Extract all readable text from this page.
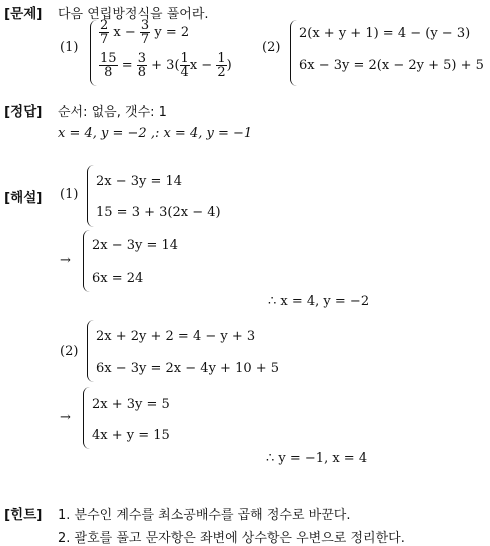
[문제] 다음 연립방정식을 풀어라.
(1)
$\frac{2}{7}$ $x - \frac{3}{7}$ y = 2
$\frac{15}{8} = \frac{3}{8} + 3( \frac{1}{4}$ $x - \frac{1}{2}$ )
(2)
2(x + y + 1) = 4 − (y − 3)
6x − 3y = 2(x − 2y + 5) + 5
[정답] 순서: 없음, 갯수: 1
x = 4, y = −2 ,: x = 4, y = −1
[해설] (1)
2x − 3y = 14
15 = 3 + 3(2x − 4)
→
2x − 3y = 14
6x = 24
∴ x = 4, y = −2
(2)
2x + 2y + 2 = 4 − y + 3
6x − 3y = 2x − 4y + 10 + 5
→
2x + 3y = 5
4x + y = 15
∴ y = −1, x = 4
[힌트] 1. 분수인 계수를 최소공배수를 곱해 정수로 바꾼다.
2. 괄호를 풀고 문자항은 좌변에 상수항은 우변으로 정리한다.
